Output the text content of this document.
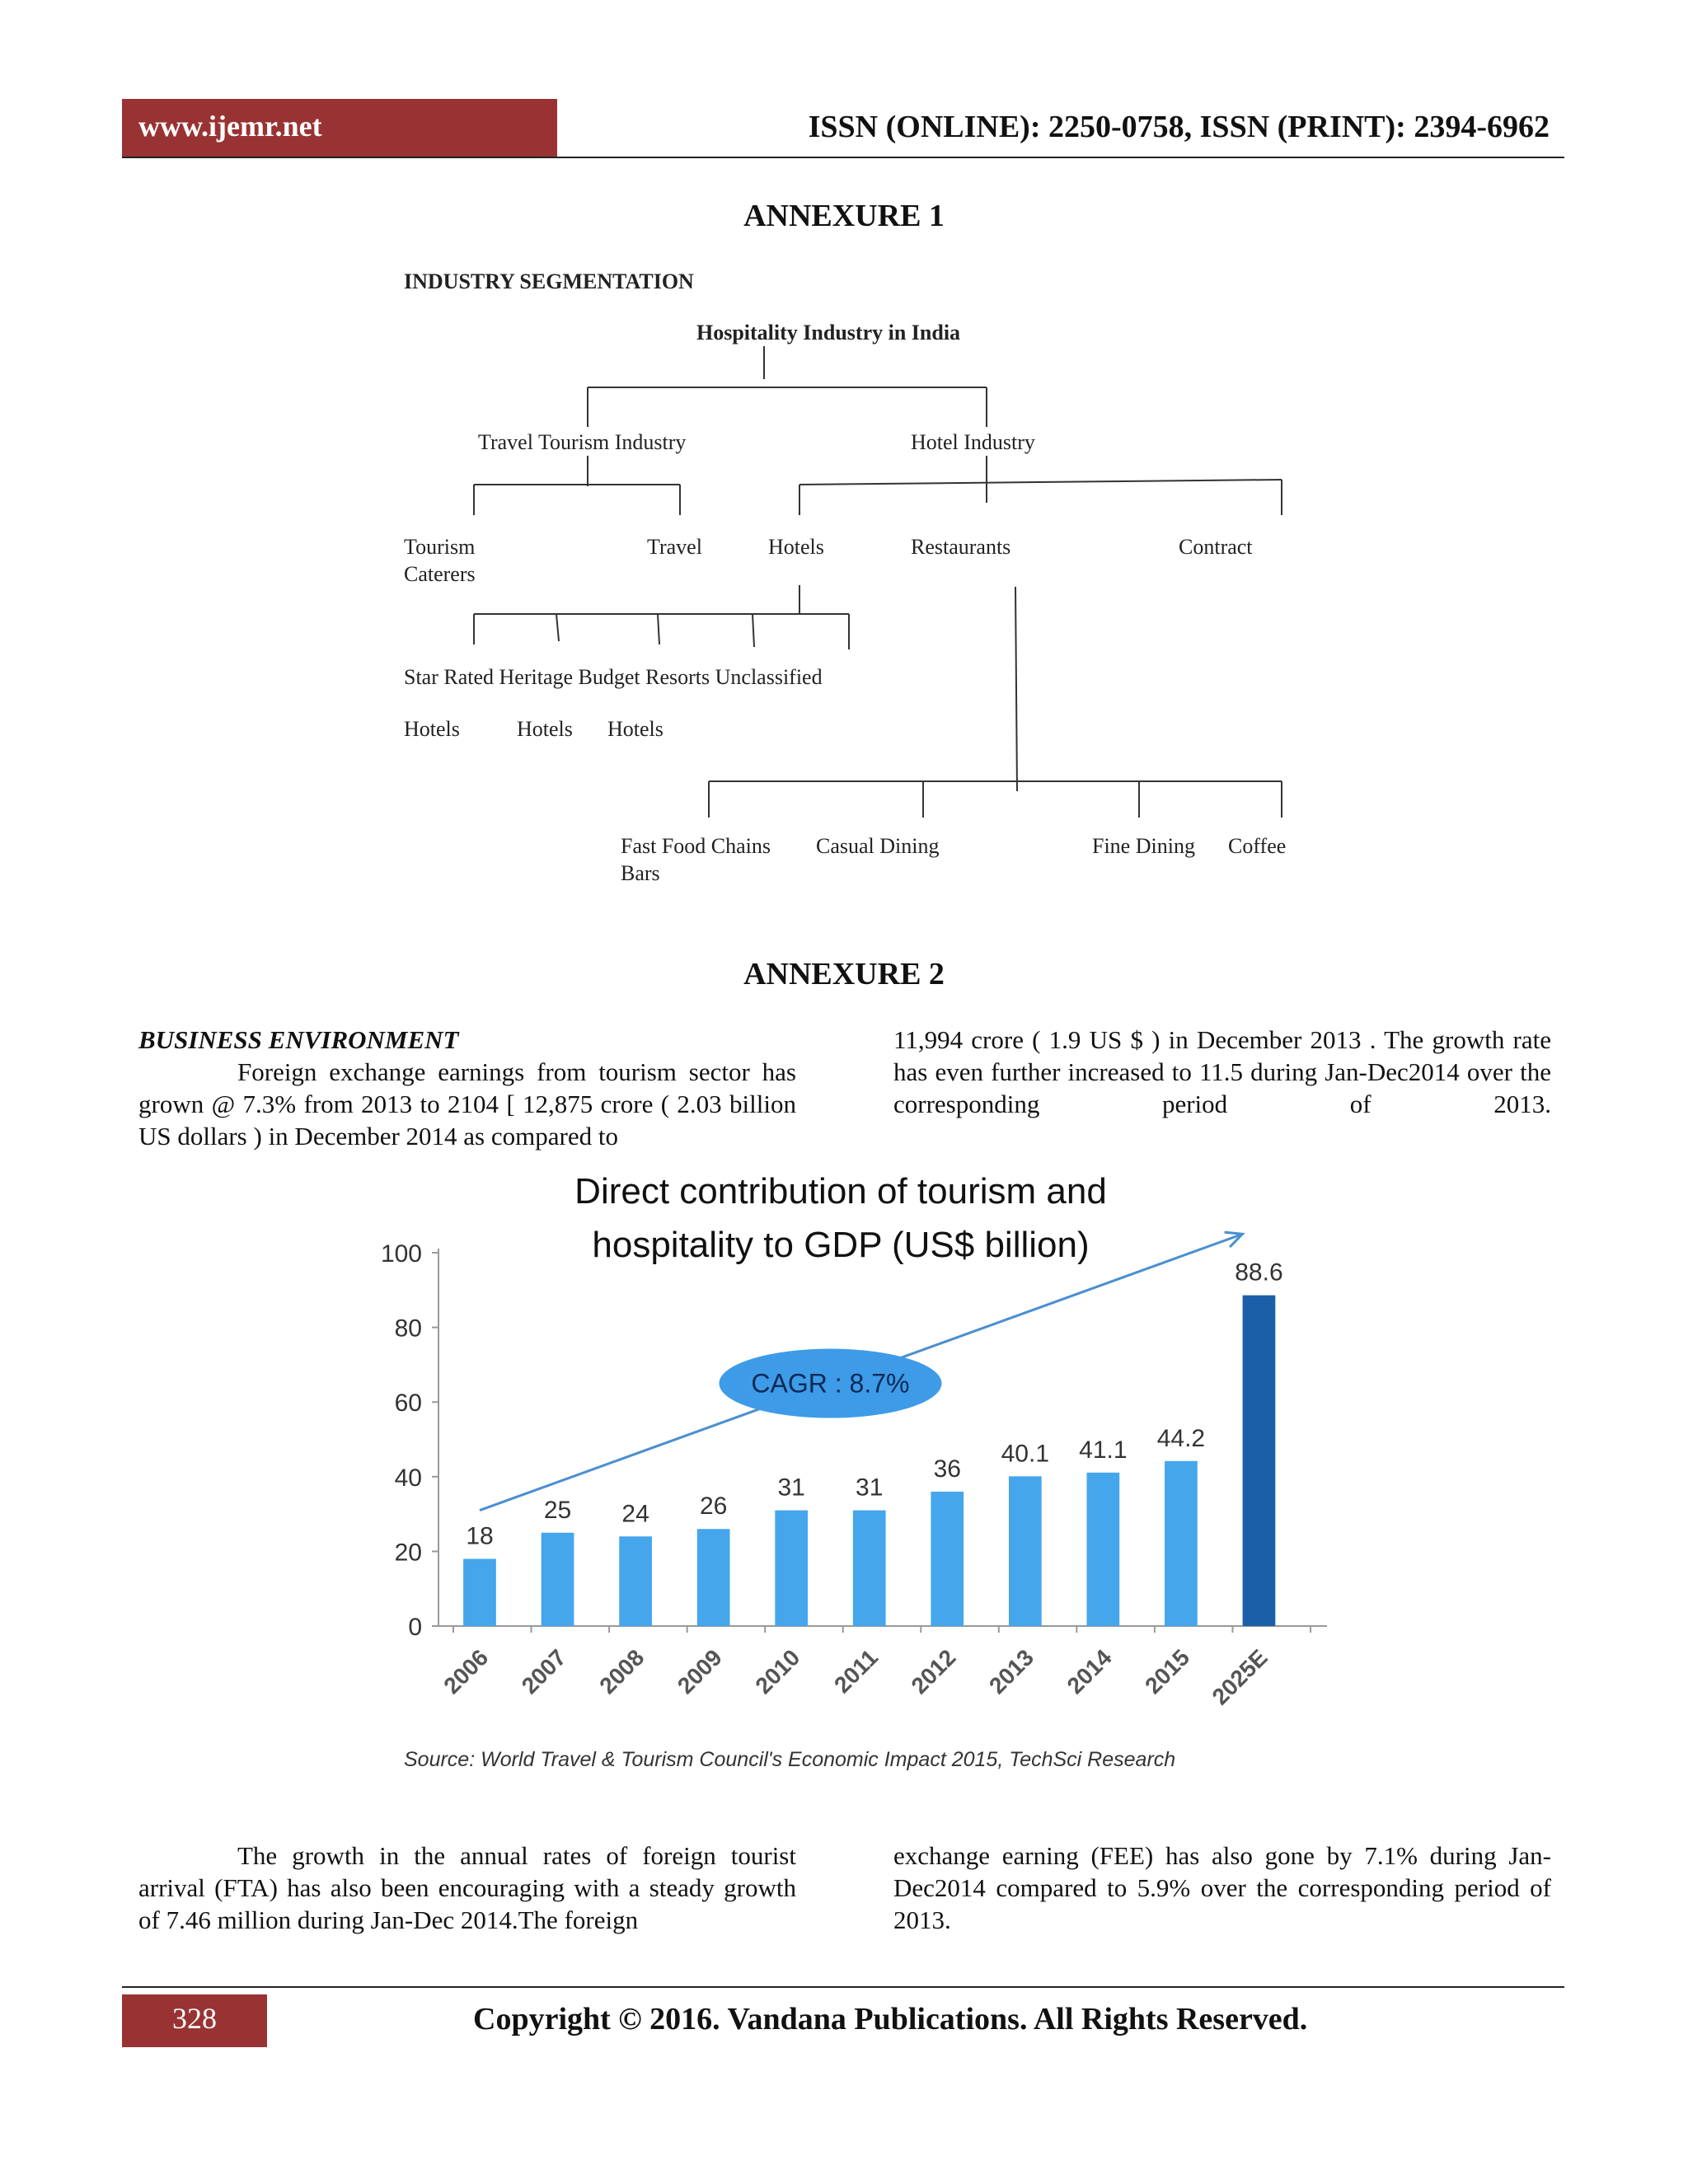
www.ijemr.net	ISSN (ONLINE): 2250-0758, ISSN (PRINT): 2394-6962
ANNEXURE 1
INDUSTRY SEGMENTATION
Hospitality Industry in India
Travel Tourism Industry	Hotel Industry
Tourism
Caterers
Travel	Hotels	Restaurants	Contract
Star Rated Heritage Budget Resorts Unclassified
Hotels	Hotels Hotels
Fast Food Chains Casual Dining	Fine Dining Coffee
Bars
ANNEXURE 2

BUSINESS ENVIRONMENT

Foreign exchange earnings from tourism sector has grown @ 7.3% from 2013 to 2104 [ 12,875 crore ( 2.03 billion US dollars ) in December 2014 as compared to

11,994 crore ( 1.9 US $ ) in December 2013 . The growth rate has even further increased to 11.5 during Jan-Dec2014 over the corresponding period of 2013.

Direct contribution of tourism and
hospitality to GDP (US$ billion)
0
20
40
60
80
100
18
2006
25
2007
24
2008
26
2009
31
2010
31
2011
36
2012
40.1
2013
41.1
2014
44.2
2015
88.6
2025E
CAGR : 8.7%
Source: World Travel & Tourism Council's Economic Impact 2015, TechSci Research

The growth in the annual rates of foreign tourist arrival (FTA) has also been encouraging with a steady growth of 7.46 million during Jan-Dec 2014.The foreign

exchange earning (FEE) has also gone by 7.1% during Jan-Dec2014 compared to 5.9% over the corresponding period of 2013.

328	Copyright © 2016. Vandana Publications. All Rights Reserved.
